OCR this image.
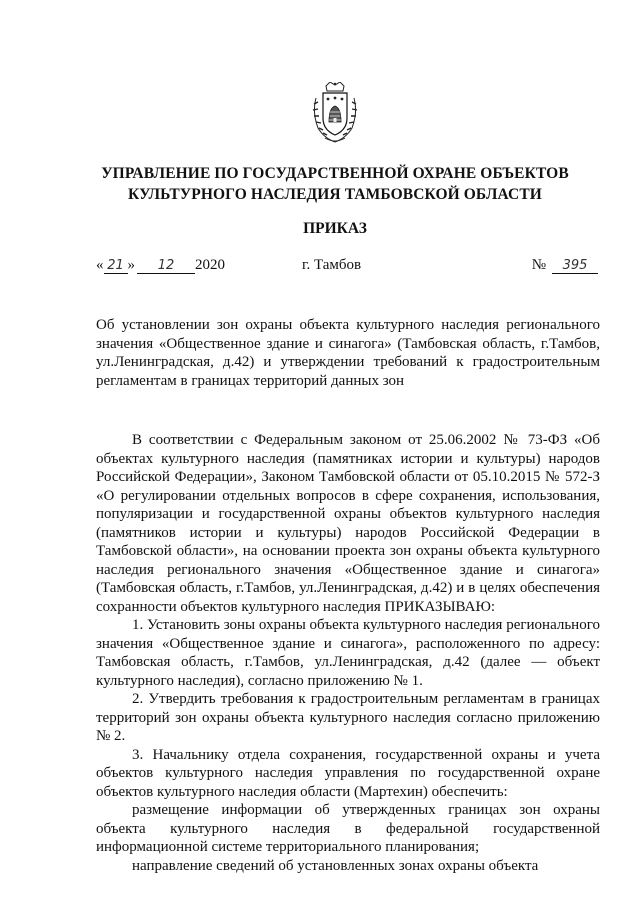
УПРАВЛЕНИЕ ПО ГОСУДАРСТВЕННОЙ ОХРАНЕ ОБЪЕКТОВ
КУЛЬТУРНОГО НАСЛЕДИЯ ТАМБОВСКОЙ ОБЛАСТИ
ПРИКАЗ
« 21 » 12 2020	г. Тамбов	№ 395
Об установлении зон охраны объекта культурного наследия регионального значения «Общественное здание и синагога» (Тамбовская область, г.Тамбов, ул.Ленинградская, д.42) и утверждении требований к градостроительным регламентам в границах территорий данных зон

В соответствии с Федеральным законом от 25.06.2002 № 73-ФЗ «Об объектах культурного наследия (памятниках истории и культуры) народов Российской Федерации», Законом Тамбовской области от 05.10.2015 № 572-З «О регулировании отдельных вопросов в сфере сохранения, использования, популяризации и государственной охраны объектов культурного наследия (памятников истории и культуры) народов Российской Федерации в Тамбовской области», на основании проекта зон охраны объекта культурного наследия регионального значения «Общественное здание и синагога» (Тамбовская область, г.Тамбов, ул.Ленинградская, д.42) и в целях обеспечения сохранности объектов культурного наследия ПРИКАЗЫВАЮ:

1. Установить зоны охраны объекта культурного наследия регионального значения «Общественное здание и синагога», расположенного по адресу: Тамбовская область, г.Тамбов, ул.Ленинградская, д.42 (далее — объект культурного наследия), согласно приложению № 1.

2. Утвердить требования к градостроительным регламентам в границах территорий зон охраны объекта культурного наследия согласно приложению № 2.

3. Начальнику отдела сохранения, государственной охраны и учета объектов культурного наследия управления по государственной охране объектов культурного наследия области (Мартехин) обеспечить:

размещение информации об утвержденных границах зон охраны объекта культурного наследия в федеральной государственной информационной системе территориального планирования;

направление сведений об установленных зонах охраны объекта
